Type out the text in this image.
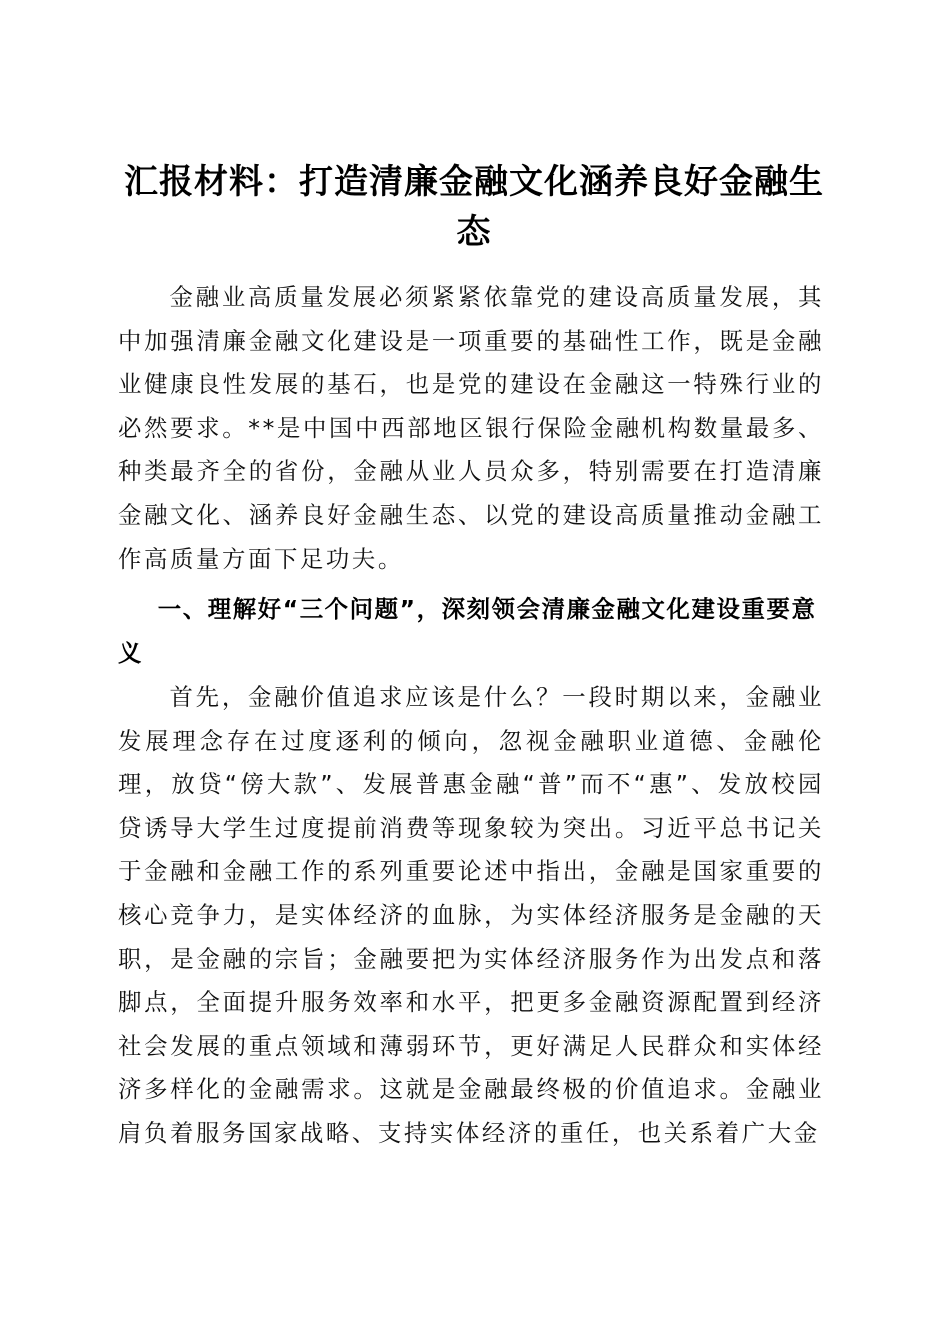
汇报材料：打造清廉金融文化涵养良好金融生态

金融业高质量发展必须紧紧依靠党的建设高质量发展，其中加强清廉金融文化建设是一项重要的基础性工作，既是金融业健康良性发展的基石，也是党的建设在金融这一特殊行业的必然要求。**是中国中西部地区银行保险金融机构数量最多、种类最齐全的省份，金融从业人员众多，特别需要在打造清廉金融文化、涵养良好金融生态、以党的建设高质量推动金融工作高质量方面下足功夫。

一、理解好“三个问题”，深刻领会清廉金融文化建设重要意义

首先，金融价值追求应该是什么？一段时期以来，金融业发展理念存在过度逐利的倾向，忽视金融职业道德、金融伦理，放贷“傍大款”、发展普惠金融“普”而不“惠”、发放校园贷诱导大学生过度提前消费等现象较为突出。习近平总书记关于金融和金融工作的系列重要论述中指出，金融是国家重要的核心竞争力，是实体经济的血脉，为实体经济服务是金融的天职，是金融的宗旨；金融要把为实体经济服务作为出发点和落脚点，全面提升服务效率和水平，把更多金融资源配置到经济社会发展的重点领域和薄弱环节，更好满足人民群众和实体经济多样化的金融需求。这就是金融最终极的价值追求。金融业肩负着服务国家战略、支持实体经济的重任，也关系着广大金
